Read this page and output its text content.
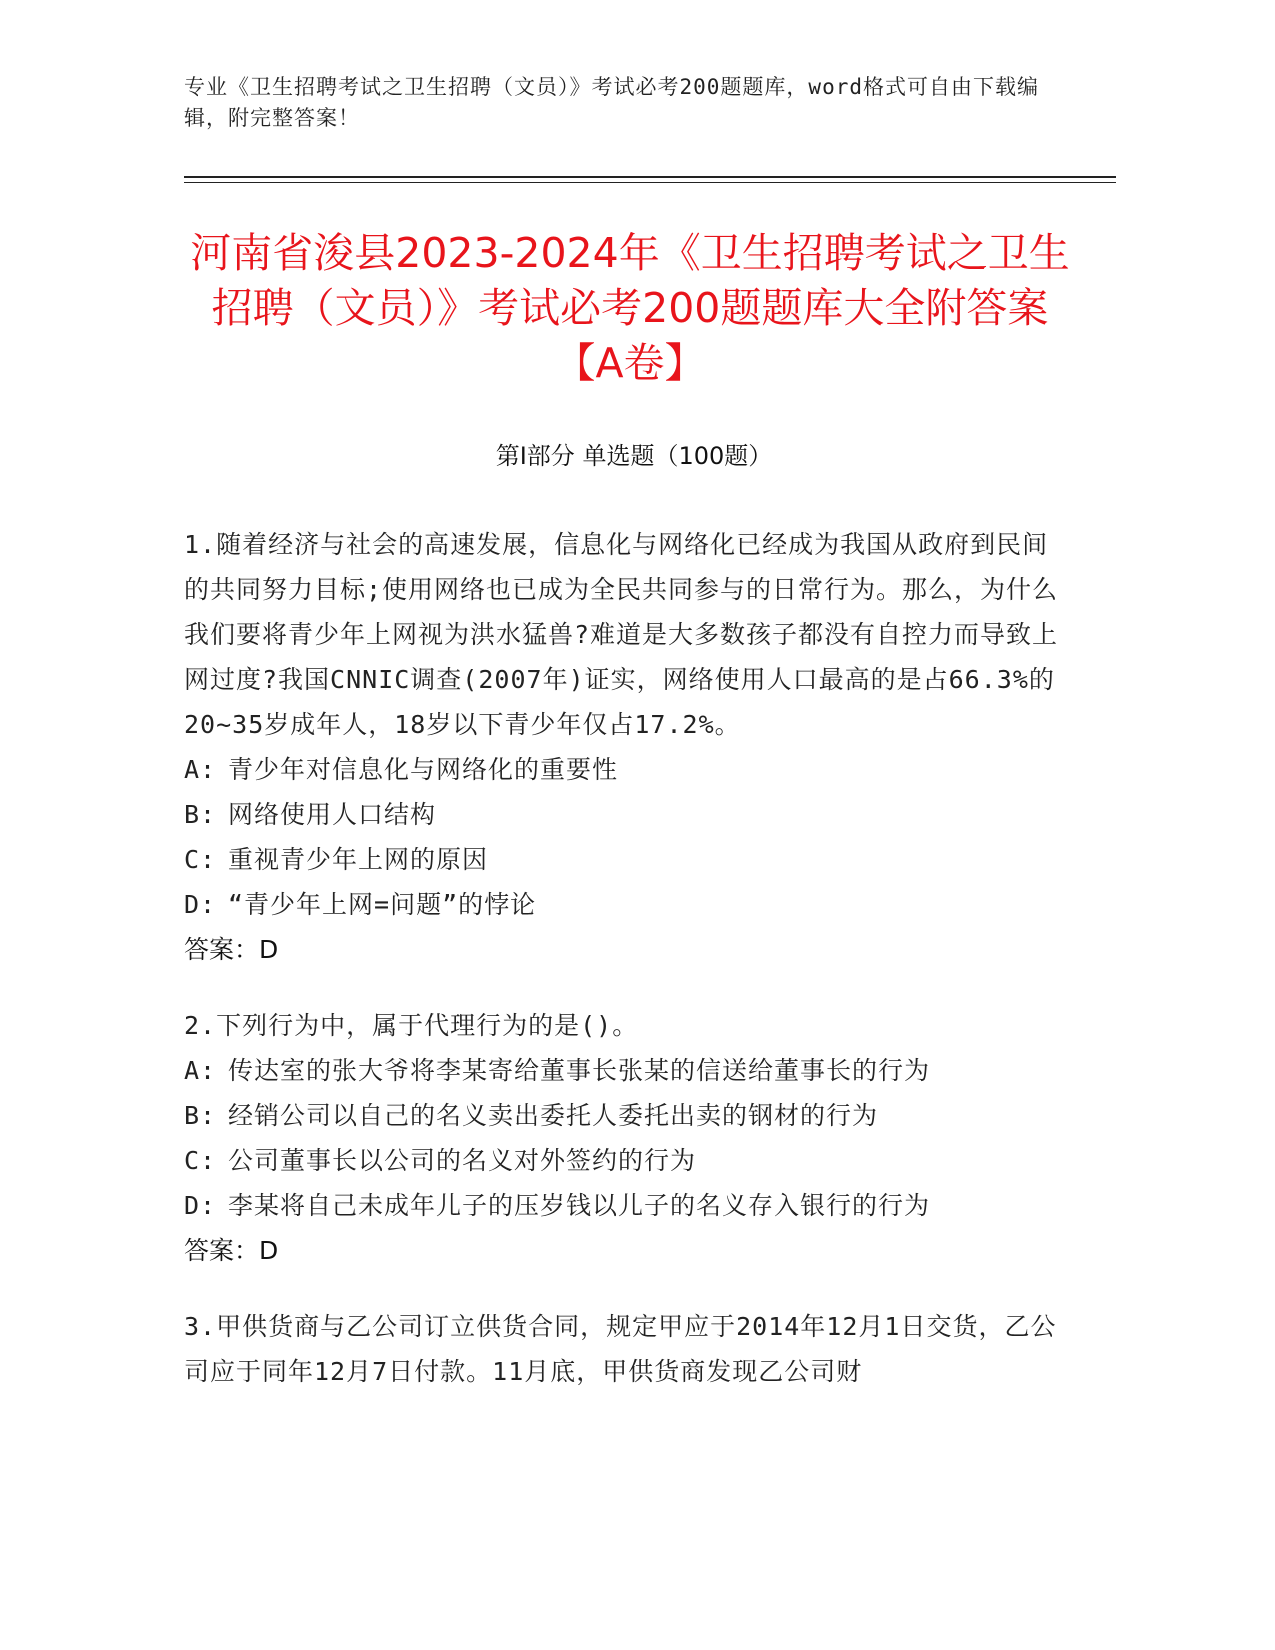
专业《卫生招聘考试之卫生招聘（文员）》考试必考200题题库，word格式可自由下载编辑，附完整答案！
河南省浚县2023-2024年《卫生招聘考试之卫生招聘（文员）》考试必考200题题库大全附答案【A卷】
第I部分 单选题（100题）
1.随着经济与社会的高速发展，信息化与网络化已经成为我国从政府到民间的共同努力目标;使用网络也已成为全民共同参与的日常行为。那么，为什么我们要将青少年上网视为洪水猛兽?难道是大多数孩子都没有自控力而导致上网过度?我国CNNIC调查(2007年)证实，网络使用人口最高的是占66.3%的20~35岁成年人，18岁以下青少年仅占17.2%。
A: 青少年对信息化与网络化的重要性
B: 网络使用人口结构
C: 重视青少年上网的原因
D: “青少年上网=问题”的悖论
答案：D
2.下列行为中，属于代理行为的是()。
A: 传达室的张大爷将李某寄给董事长张某的信送给董事长的行为
B: 经销公司以自己的名义卖出委托人委托出卖的钢材的行为
C: 公司董事长以公司的名义对外签约的行为
D: 李某将自己未成年儿子的压岁钱以儿子的名义存入银行的行为
答案：D
3.甲供货商与乙公司订立供货合同，规定甲应于2014年12月1日交货，乙公司应于同年12月7日付款。11月底，甲供货商发现乙公司财
